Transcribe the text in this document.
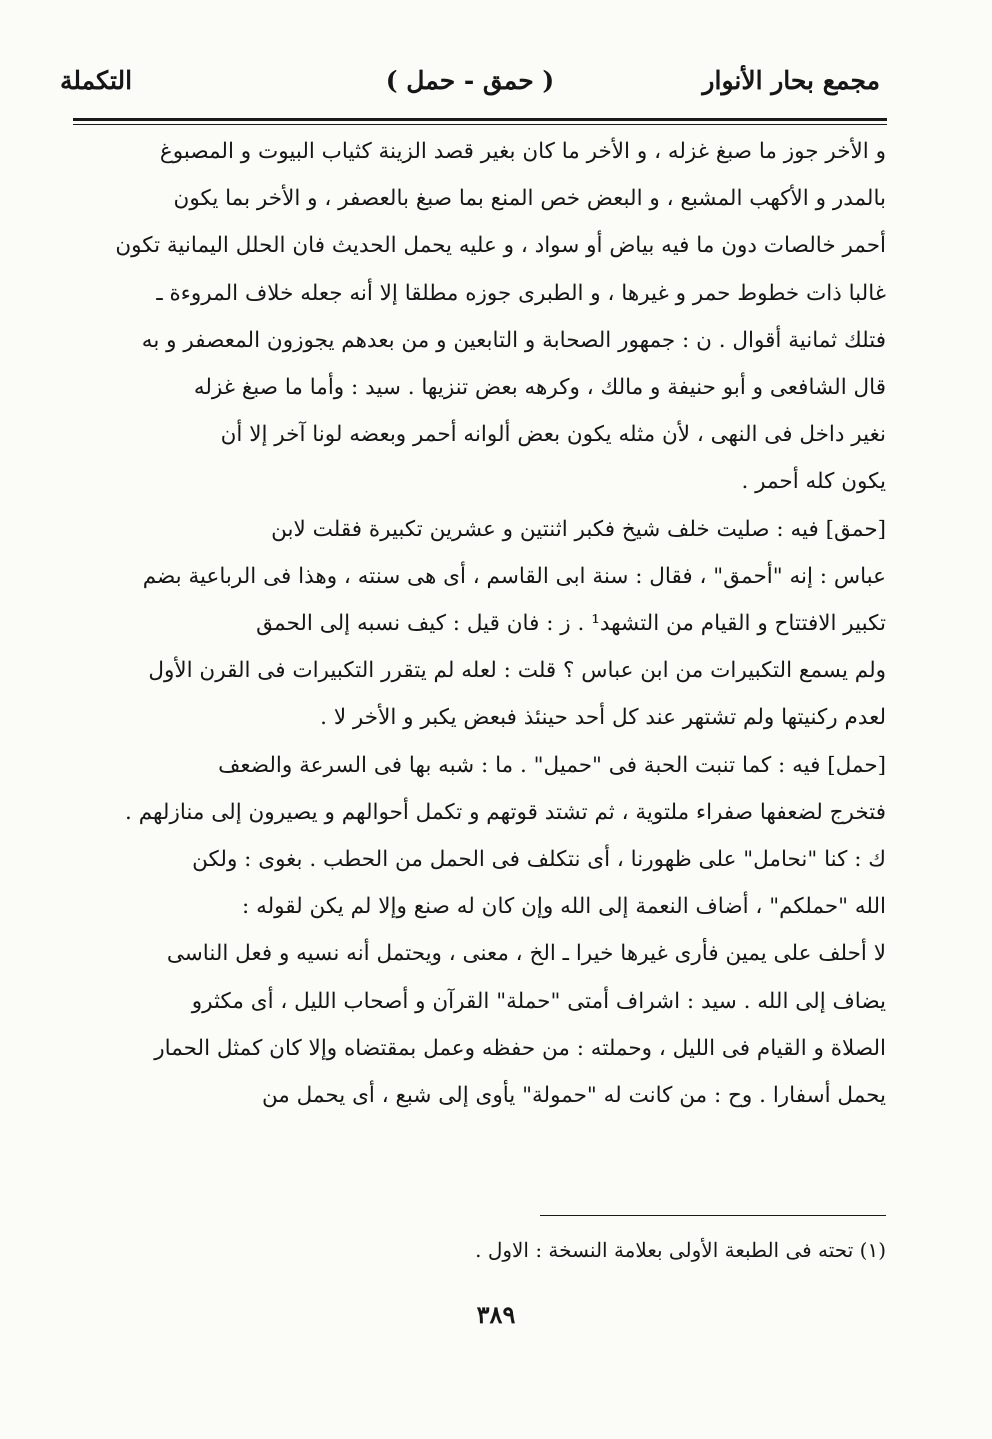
مجمع بحار الأنوار
( حمق - حمل )
التكملة
و الأخر جوز ما صبغ غزله ، و الأخر ما كان بغير قصد الزينة كثياب البيوت و المصبوغ
بالمدر و الأكهب المشبع ، و البعض خص المنع بما صبغ بالعصفر ، و الأخر بما يكون
أحمر خالصات دون ما فيه بياض أو سواد ، و عليه يحمل الحديث فان الحلل اليمانية تكون
غالبا ذات خطوط حمر و غيرها ، و الطبرى جوزه مطلقا إلا أنه جعله خلاف المروءة ـ
فتلك ثمانية أقوال . ن : جمهور الصحابة و التابعين و من بعدهم يجوزون المعصفر و به
قال الشافعى و أبو حنيفة و مالك ، وكرهه بعض تنزيها . سيد : وأما ما صبغ غزله
نغير داخل فى النهى ، لأن مثله يكون بعض ألوانه أحمر وبعضه لونا آخر إلا أن
يكون كله أحمر .
[حمق] فيه : صليت خلف شيخ فكبر اثنتين و عشرين تكبيرة فقلت لابن
عباس : إنه "أحمق" ، فقال : سنة ابى القاسم ، أى هى سنته ، وهذا فى الرباعية بضم
تكبير الافتتاح و القيام من التشهد¹ . ز : فان قيل : كيف نسبه إلى الحمق
ولم يسمع التكبيرات من ابن عباس ؟ قلت : لعله لم يتقرر التكبيرات فى القرن الأول
لعدم ركنيتها ولم تشتهر عند كل أحد حينئذ فبعض يكبر و الأخر لا .
[حمل] فيه : كما تنبت الحبة فى "حميل" . ما : شبه بها فى السرعة والضعف
فتخرج لضعفها صفراء ملتوية ، ثم تشتد قوتهم و تكمل أحوالهم و يصيرون إلى منازلهم .
ك : كنا "نحامل" على ظهورنا ، أى نتكلف فى الحمل من الحطب . بغوى : ولكن
الله "حملكم" ، أضاف النعمة إلى الله وإن كان له صنع وإلا لم يكن لقوله :
لا أحلف على يمين فأرى غيرها خيرا ـ الخ ، معنى ، ويحتمل أنه نسيه و فعل الناسى
يضاف إلى الله . سيد : اشراف أمتى "حملة" القرآن و أصحاب الليل ، أى مكثرو
الصلاة و القيام فى الليل ، وحملته : من حفظه وعمل بمقتضاه وإلا كان كمثل الحمار
يحمل أسفارا . وح : من كانت له "حمولة" يأوى إلى شبع ، أى يحمل من
(١) تحته فى الطبعة الأولى بعلامة النسخة : الاول .
٣٨٩
